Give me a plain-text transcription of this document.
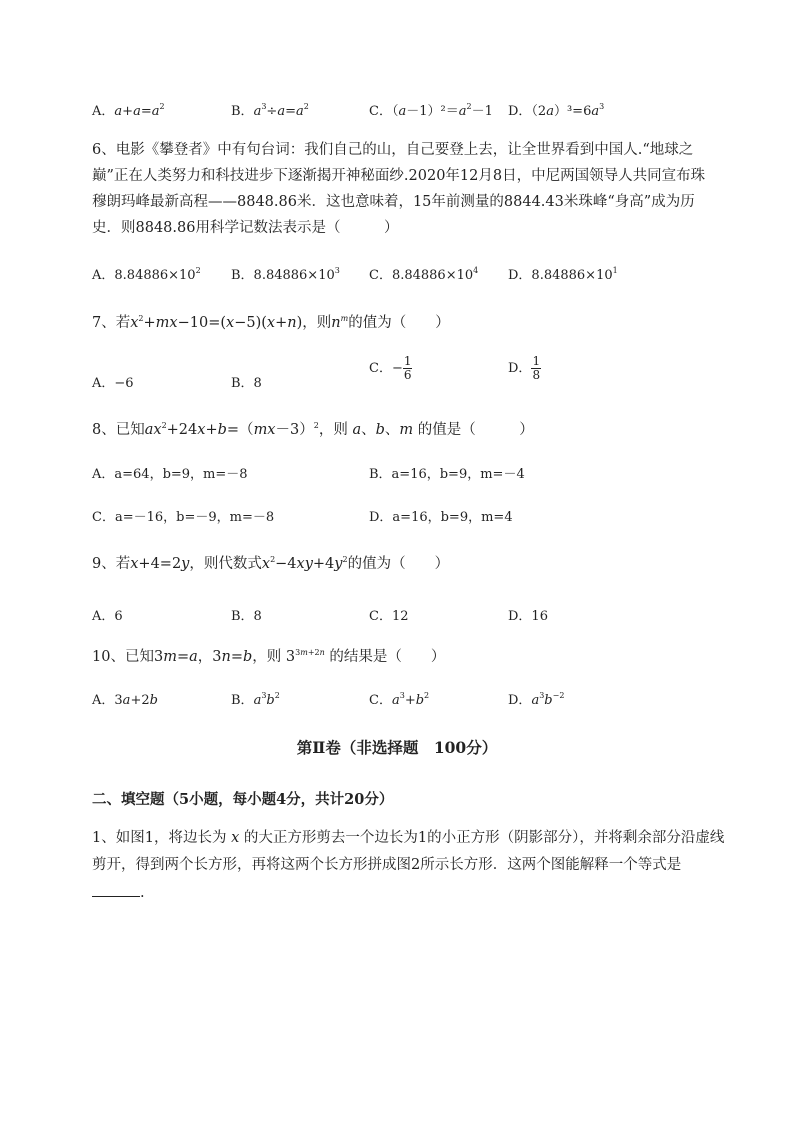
A．$a+a=a^2$	B．$a^3\div a=a^2$	C．$(a-1)^2=a^2-1$ D．$(2a)^3=6a^3$
6、电影《攀登者》中有句台词：我们自己的山，自己要登上去，让全世界看到中国人.“地球之
巅”正在人类努力和科技进步下逐渐揭开神秘面纱.2020年12月8日，中尼两国领导人共同宣布珠
穆朗玛峰最新高程——8848.86米．这也意味着，15年前测量的8844.43米珠峰“身高”成为历
史．则8848.86用科学记数法表示是（　　　）
A．$8.84886\times 10^2$ B．$8.84886\times 10^3$ C．$8.84886\times 10^4$ D．$8.84886\times 10^1$
7、若$x^2+mx-10=(x-5)(x+n)$，则$n^m$的值为（　　）
A．−6	B．8
C．− $\frac{1}{6}$	D． $\frac{1}{8}$
8、已知$ax^2+24x+b=(mx-3)^2$，则 a、b、m 的值是（　　　）
A．a=64，b=9，m=－8	B．a=16，b=9，m=－4
C．a=－16，b=－9，m=－8	D．a=16，b=9，m=4
9、若x+4=2y，则代数式$x^2-4xy+4y^2$的值为（　　）
A．6	B．8	C．12	D．16
10、已知3m=a，3n=b，则 $3^{3m+2n}$ 的结果是（　　）
A．3a+2b	B．$a^3b^2$	C．$a^3+b^2$	D．$a^3b^{-2}$
第Ⅱ卷（非选择题　100分）
二、填空题（5小题，每小题4分，共计20分）
1、如图1，将边长为 x 的大正方形剪去一个边长为1的小正方形（阴影部分），并将剩余部分沿虚线
剪开，得到两个长方形，再将这两个长方形拼成图2所示长方形．这两个图能解释一个等式是
.
